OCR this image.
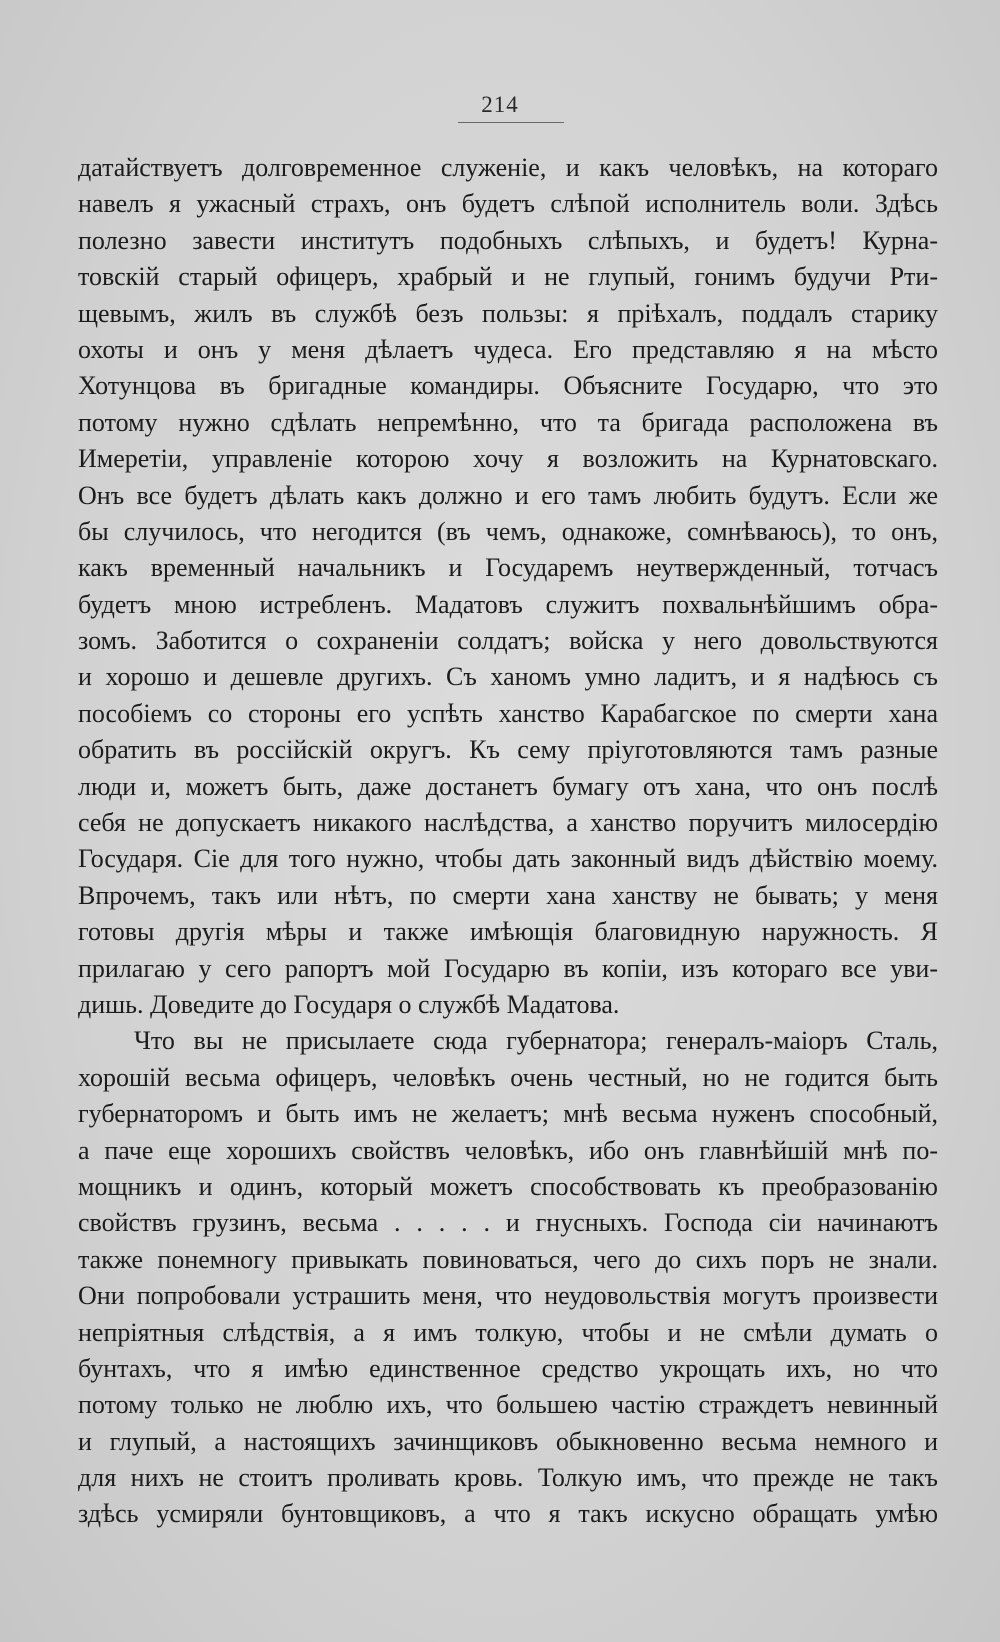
214
датайствуетъ долговременное служеніе, и какъ человѣкъ, на котораго
навелъ я ужасный страхъ, онъ будетъ слѣпой исполнитель воли. Здѣсь
полезно завести институтъ подобныхъ слѣпыхъ, и будетъ! Курна-
товскій старый офицеръ, храбрый и не глупый, гонимъ будучи Рти-
щевымъ, жилъ въ службѣ безъ пользы: я пріѣхалъ, поддалъ старику
охоты и онъ у меня дѣлаетъ чудеса. Его представляю я на мѣсто
Хотунцова въ бригадные командиры. Объясните Государю, что это
потому нужно сдѣлать непремѣнно, что та бригада расположена въ
Имеретіи, управленіе которою хочу я возложить на Курнатовскаго.
Онъ все будетъ дѣлать какъ должно и его тамъ любить будутъ. Если же
бы случилось, что негодится (въ чемъ, однакоже, сомнѣваюсь), то онъ,
какъ временный начальникъ и Государемъ неутвержденный, тотчасъ
будетъ мною истребленъ. Мадатовъ служитъ похвальнѣйшимъ обра-
зомъ. Заботится о сохраненіи солдатъ; войска у него довольствуются
и хорошо и дешевле другихъ. Съ ханомъ умно ладитъ, и я надѣюсь съ
пособіемъ со стороны его успѣть ханство Карабагское по смерти хана
обратить въ россійскій округъ. Къ сему пріуготовляются тамъ разные
люди и, можетъ быть, даже достанетъ бумагу отъ хана, что онъ послѣ
себя не допускаетъ никакого наслѣдства, а ханство поручитъ милосердію
Государя. Сіе для того нужно, чтобы дать законный видъ дѣйствію моему.
Впрочемъ, такъ или нѣтъ, по смерти хана ханству не бывать; у меня
готовы другія мѣры и также имѣющія благовидную наружность. Я
прилагаю у сего рапортъ мой Государю въ копіи, изъ котораго все уви-
дишь. Доведите до Государя о службѣ Мадатова.
Что вы не присылаете сюда губернатора; генералъ-маіоръ Сталь,
хорошій весьма офицеръ, человѣкъ очень честный, но не годится быть
губернаторомъ и быть имъ не желаетъ; мнѣ весьма нуженъ способный,
а паче еще хорошихъ свойствъ человѣкъ, ибо онъ главнѣйшій мнѣ по-
мощникъ и одинъ, который можетъ способствовать къ преобразованію
свойствъ грузинъ, весьма . . . . . и гнусныхъ. Господа сіи начинаютъ
также понемногу привыкать повиноваться, чего до сихъ поръ не знали.
Они попробовали устрашить меня, что неудовольствія могутъ произвести
непріятныя слѣдствія, а я имъ толкую, чтобы и не смѣли думать о
бунтахъ, что я имѣю единственное средство укрощать ихъ, но что
потому только не люблю ихъ, что большею частію страждетъ невинный
и глупый, а настоящихъ зачинщиковъ обыкновенно весьма немного и
для нихъ не стоитъ проливать кровь. Толкую имъ, что прежде не такъ
здѣсь усмиряли бунтовщиковъ, а что я такъ искусно обращать умѣю
